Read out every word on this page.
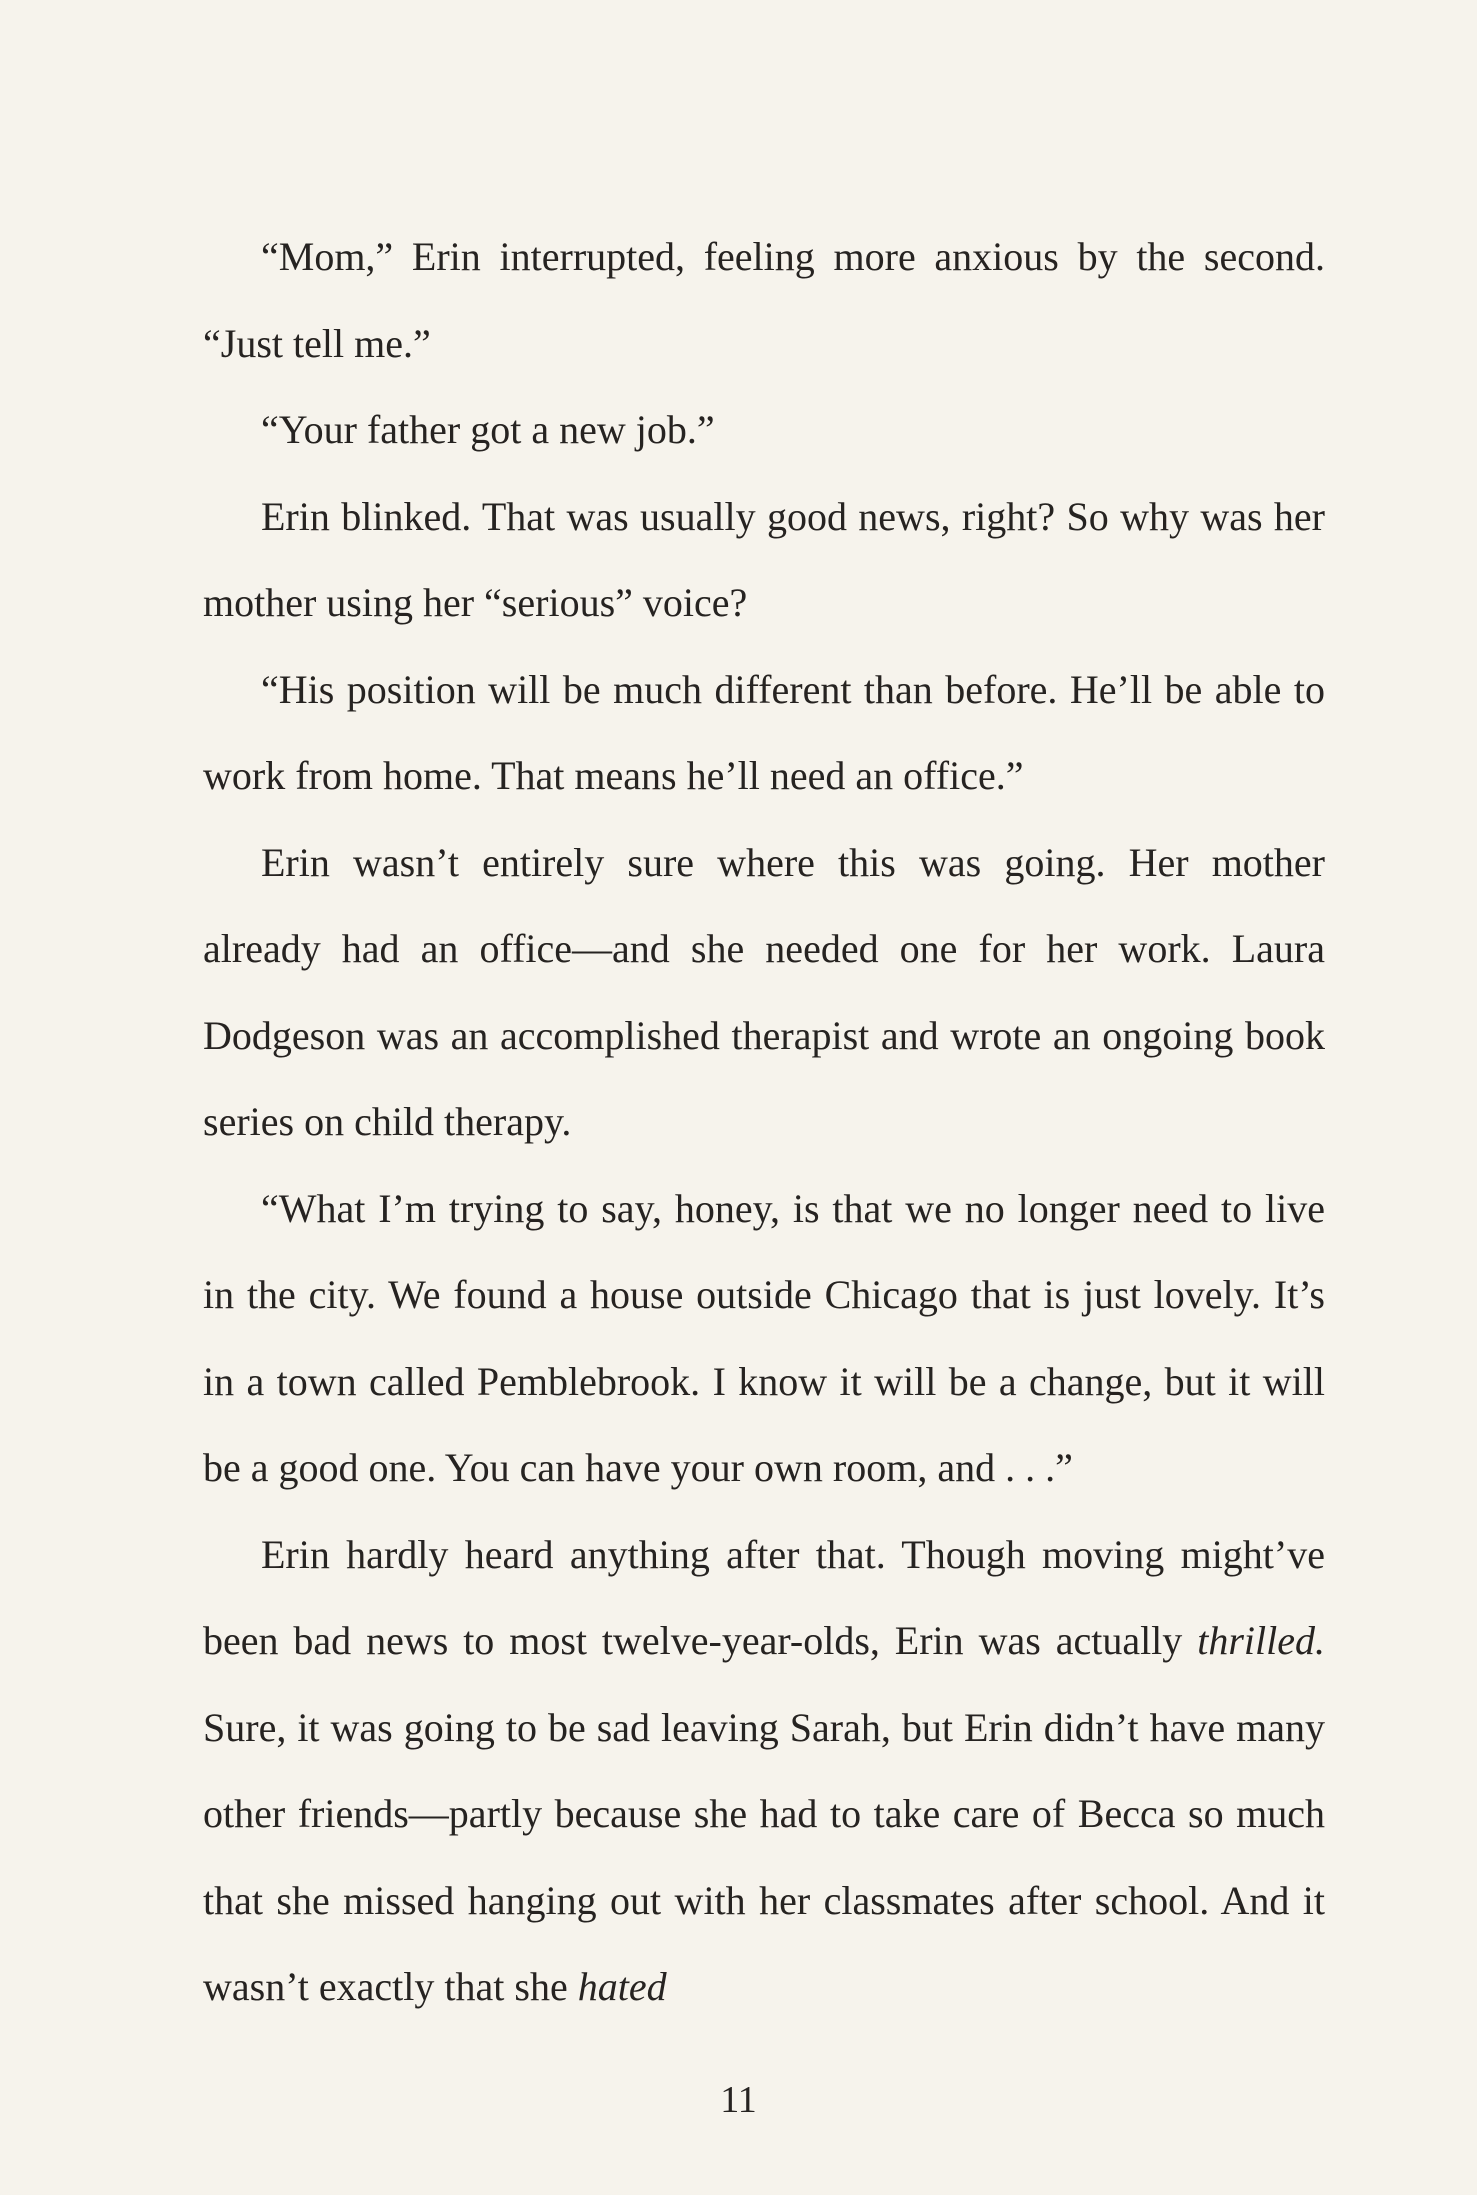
“Mom,” Erin interrupted, feeling more anxious by the second. “Just tell me.”

“Your father got a new job.”

Erin blinked. That was usually good news, right? So why was her mother using her “serious” voice?

“His position will be much different than before. He’ll be able to work from home. That means he’ll need an office.”

Erin wasn’t entirely sure where this was going. Her mother already had an office—and she needed one for her work. Laura Dodgeson was an accomplished therapist and wrote an ongoing book series on child therapy.

“What I’m trying to say, honey, is that we no longer need to live in the city. We found a house outside Chicago that is just lovely. It’s in a town called Pemblebrook. I know it will be a change, but it will be a good one. You can have your own room, and . . .”

Erin hardly heard anything after that. Though moving might’ve been bad news to most twelve-year-olds, Erin was actually thrilled. Sure, it was going to be sad leaving Sarah, but Erin didn’t have many other friends—partly because she had to take care of Becca so much that she missed hanging out with her classmates after school. And it wasn’t exactly that she hated

11
